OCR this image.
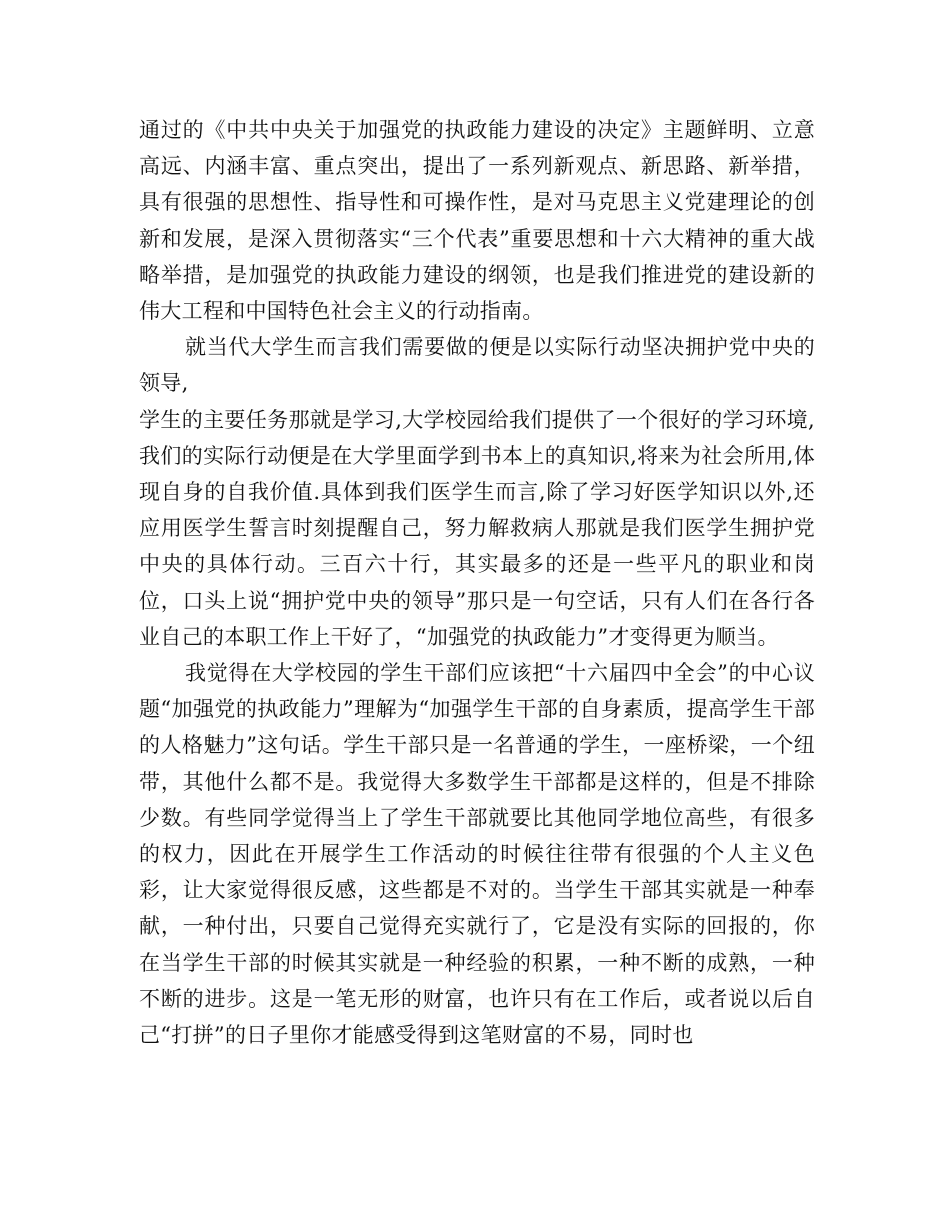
通过的《中共中央关于加强党的执政能力建设的决定》主题鲜明、立意高远、内涵丰富、重点突出，提出了一系列新观点、新思路、新举措，具有很强的思想性、指导性和可操作性，是对马克思主义党建理论的创新和发展，是深入贯彻落实“三个代表”重要思想和十六大精神的重大战略举措，是加强党的执政能力建设的纲领，也是我们推进党的建设新的伟大工程和中国特色社会主义的行动指南。

就当代大学生而言我们需要做的便是以实际行动坚决拥护党中央的领导,

学生的主要任务那就是学习,大学校园给我们提供了一个很好的学习环境,我们的实际行动便是在大学里面学到书本上的真知识,将来为社会所用,体现自身的自我价值.具体到我们医学生而言,除了学习好医学知识以外,还应用医学生誓言时刻提醒自己，努力解救病人那就是我们医学生拥护党中央的具体行动。三百六十行，其实最多的还是一些平凡的职业和岗位，口头上说“拥护党中央的领导”那只是一句空话，只有人们在各行各业自己的本职工作上干好了，“加强党的执政能力”才变得更为顺当。

我觉得在大学校园的学生干部们应该把“十六届四中全会”的中心议题“加强党的执政能力”理解为“加强学生干部的自身素质，提高学生干部的人格魅力”这句话。学生干部只是一名普通的学生，一座桥梁，一个纽带，其他什么都不是。我觉得大多数学生干部都是这样的，但是不排除少数。有些同学觉得当上了学生干部就要比其他同学地位高些，有很多的权力，因此在开展学生工作活动的时候往往带有很强的个人主义色彩，让大家觉得很反感，这些都是不对的。当学生干部其实就是一种奉献，一种付出，只要自己觉得充实就行了，它是没有实际的回报的，你在当学生干部的时候其实就是一种经验的积累，一种不断的成熟，一种不断的进步。这是一笔无形的财富，也许只有在工作后，或者说以后自己“打拼”的日子里你才能感受得到这笔财富的不易，同时也
